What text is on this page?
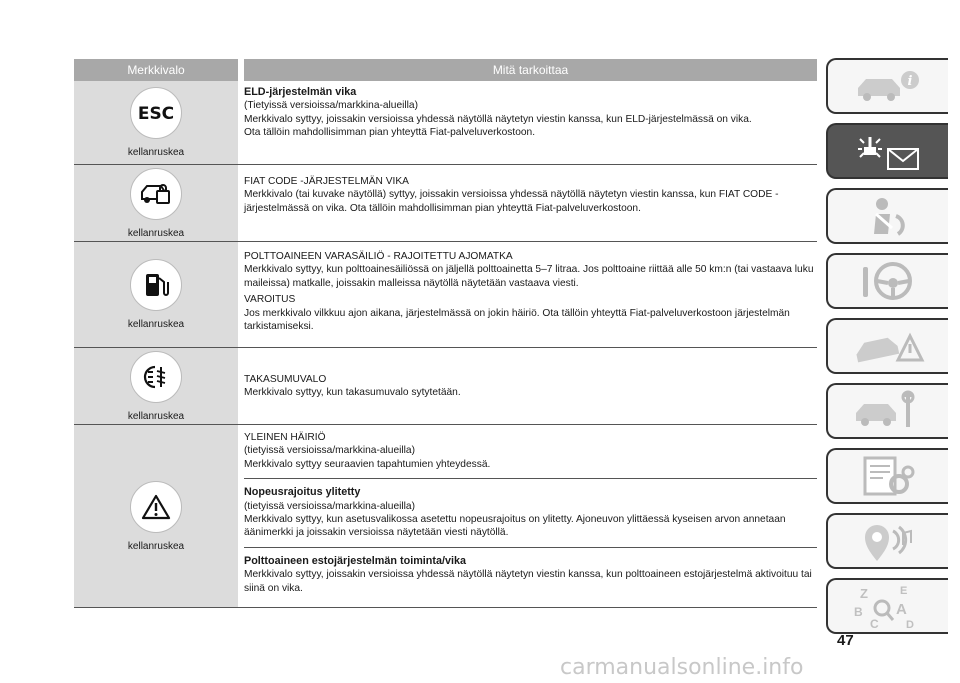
Merkkivalo	Mitä tarkoittaa
ESC
kellanruskea
ELD-järjestelmän vika
(Tietyissä versioissa/markkina-alueilla)
Merkkivalo syttyy, joissakin versioissa yhdessä näytöllä näytetyn viestin kanssa, kun ELD-järjestelmässä on vika.
Ota tällöin mahdollisimman pian yhteyttä Fiat-palveluverkostoon.
kellanruskea
FIAT CODE -JÄRJESTELMÄN VIKA
Merkkivalo (tai kuvake näytöllä) syttyy, joissakin versioissa yhdessä näytöllä näytetyn viestin kanssa, kun FIAT CODE -järjestelmässä on vika. Ota tällöin mahdollisimman pian yhteyttä Fiat-palveluverkostoon.
kellanruskea
POLTTOAINEEN VARASÄILIÖ - RAJOITETTU AJOMATKA
Merkkivalo syttyy, kun polttoainesäiliössä on jäljellä polttoainetta 5–7 litraa. Jos polttoaine riittää alle 50 km:n (tai vastaava luku maileissa) matkalle, joissakin malleissa näytöllä näytetään vastaava viesti.
VAROITUS
Jos merkkivalo vilkkuu ajon aikana, järjestelmässä on jokin häiriö. Ota tällöin yhteyttä Fiat-palveluverkostoon järjestelmän tarkistamiseksi.
kellanruskea
TAKASUMUVALO
Merkkivalo syttyy, kun takasumuvalo sytytetään.
kellanruskea
YLEINEN HÄIRIÖ
(tietyissä versioissa/markkina-alueilla)
Merkkivalo syttyy seuraavien tapahtumien yhteydessä.
Nopeusrajoitus ylitetty
(tietyissä versioissa/markkina-alueilla)
Merkkivalo syttyy, kun asetusvalikossa asetettu nopeusrajoitus on ylitetty. Ajoneuvon ylittäessä kyseisen arvon annetaan äänimerkki ja joissakin versioissa näytetään viesti näytöllä.
Polttoaineen estojärjestelmän toiminta/vika
Merkkivalo syttyy, joissakin versioissa yhdessä näytöllä näytetyn viestin kanssa, kun polttoaineen estojärjestelmä aktivoituu tai siinä on vika.
i
Z	E
B A
C D
47
carmanualsonline.info
